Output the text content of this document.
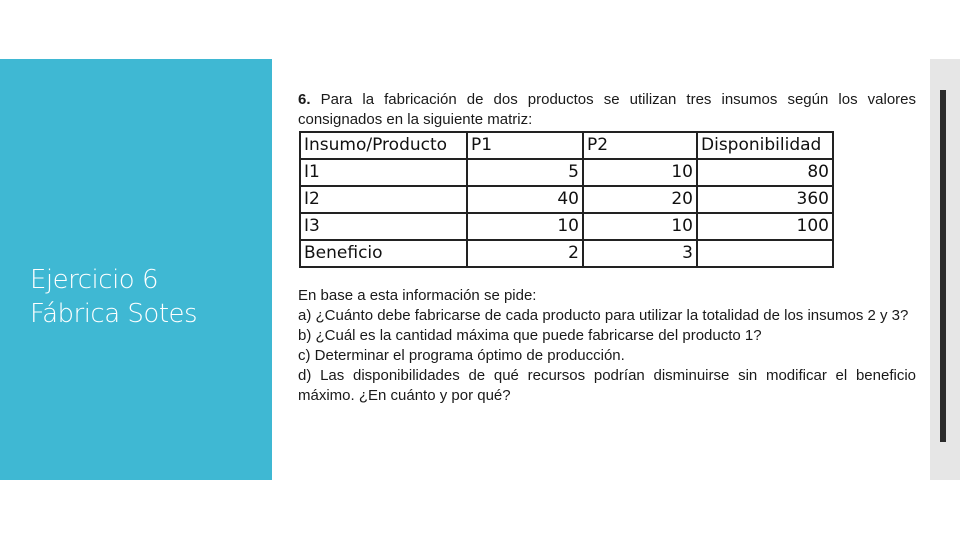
Ejercicio 6
Fábrica Sotes

6. Para la fabricación de dos productos se utilizan tres insumos según los valores consignados en la siguiente matriz:

Insumo/Producto	P1	P2	Disponibilidad
I1	5	10	80
I2	40	20	360
I3	10	10	100
Beneficio	2	3	

En base a esta información se pide:

a) ¿Cuánto debe fabricarse de cada producto para utilizar la totalidad de los insumos 2 y 3?

b) ¿Cuál es la cantidad máxima que puede fabricarse del producto 1?

c) Determinar el programa óptimo de producción.

d) Las disponibilidades de qué recursos podrían disminuirse sin modificar el beneficio máximo. ¿En cuánto y por qué?
